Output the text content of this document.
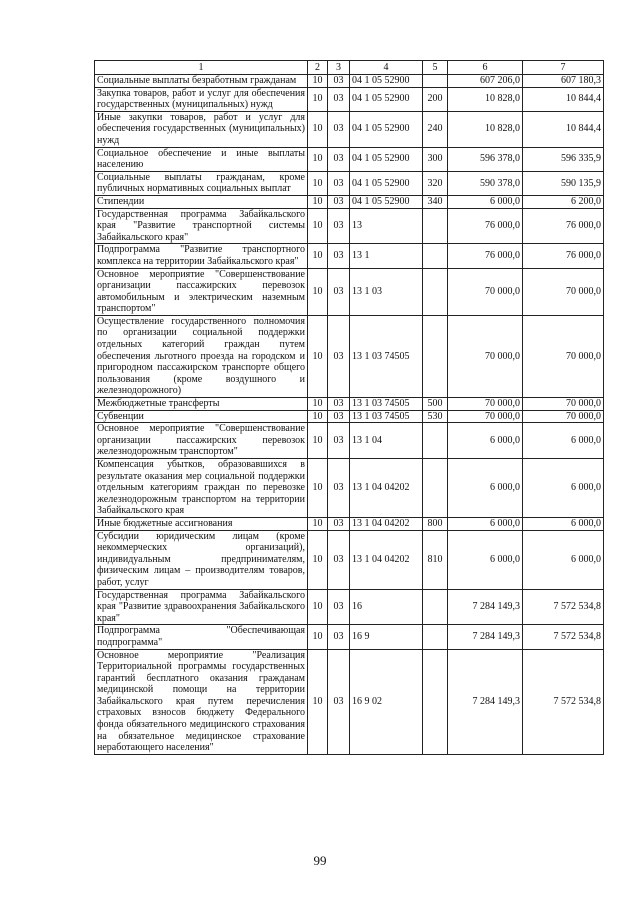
1	2	3	4	5	6	7
Социальные выплаты безработным гражданам	10	03	04 1 05 52900		607 206,0	607 180,3
Закупка товаров, работ и услуг для обеспечения государственных (муниципальных) нужд	10	03	04 1 05 52900	200	10 828,0	10 844,4
Иные закупки товаров, работ и услуг для обеспечения государственных (муниципальных) нужд	10	03	04 1 05 52900	240	10 828,0	10 844,4
Социальное обеспечение и иные выплаты населению	10	03	04 1 05 52900	300	596 378,0	596 335,9
Социальные выплаты гражданам, кроме публичных нормативных социальных выплат	10	03	04 1 05 52900	320	590 378,0	590 135,9
Стипендии	10	03	04 1 05 52900	340	6 000,0	6 200,0
Государственная программа Забайкальского края "Развитие транспортной системы Забайкальского края"	10	03	13		76 000,0	76 000,0
Подпрограмма "Развитие транспортного комплекса на территории Забайкальского края"	10	03	13 1		76 000,0	76 000,0
Основное мероприятие "Совершенствование организации пассажирских перевозок автомобильным и электрическим наземным транспортом"	10	03	13 1 03		70 000,0	70 000,0
Осуществление государственного полномочия по организации социальной поддержки отдельных категорий граждан путем обеспечения льготного проезда на городском и пригородном пассажирском транспорте общего пользования (кроме воздушного и железнодорожного)	10	03	13 1 03 74505		70 000,0	70 000,0
Межбюджетные трансферты	10	03	13 1 03 74505	500	70 000,0	70 000,0
Субвенции	10	03	13 1 03 74505	530	70 000,0	70 000,0
Основное мероприятие "Совершенствование организации пассажирских перевозок железнодорожным транспортом"	10	03	13 1 04		6 000,0	6 000,0
Компенсация убытков, образовавшихся в результате оказания мер социальной поддержки отдельным категориям граждан по перевозке железнодорожным транспортом на территории Забайкальского края	10	03	13 1 04 04202		6 000,0	6 000,0
Иные бюджетные ассигнования	10	03	13 1 04 04202	800	6 000,0	6 000,0
Субсидии юридическим лицам (кроме некоммерческих организаций), индивидуальным предпринимателям, физическим лицам – производителям товаров, работ, услуг	10	03	13 1 04 04202	810	6 000,0	6 000,0
Государственная программа Забайкальского края "Развитие здравоохранения Забайкальского края"	10	03	16		7 284 149,3	7 572 534,8
Подпрограмма "Обеспечивающая подпрограмма"	10	03	16 9		7 284 149,3	7 572 534,8
Основное мероприятие "Реализация Территориальной программы государственных гарантий бесплатного оказания гражданам медицинской помощи на территории Забайкальского края путем перечисления страховых взносов бюджету Федерального фонда обязательного медицинского страхования на обязательное медицинское страхование неработающего населения"	10	03	16 9 02		7 284 149,3	7 572 534,8
99
